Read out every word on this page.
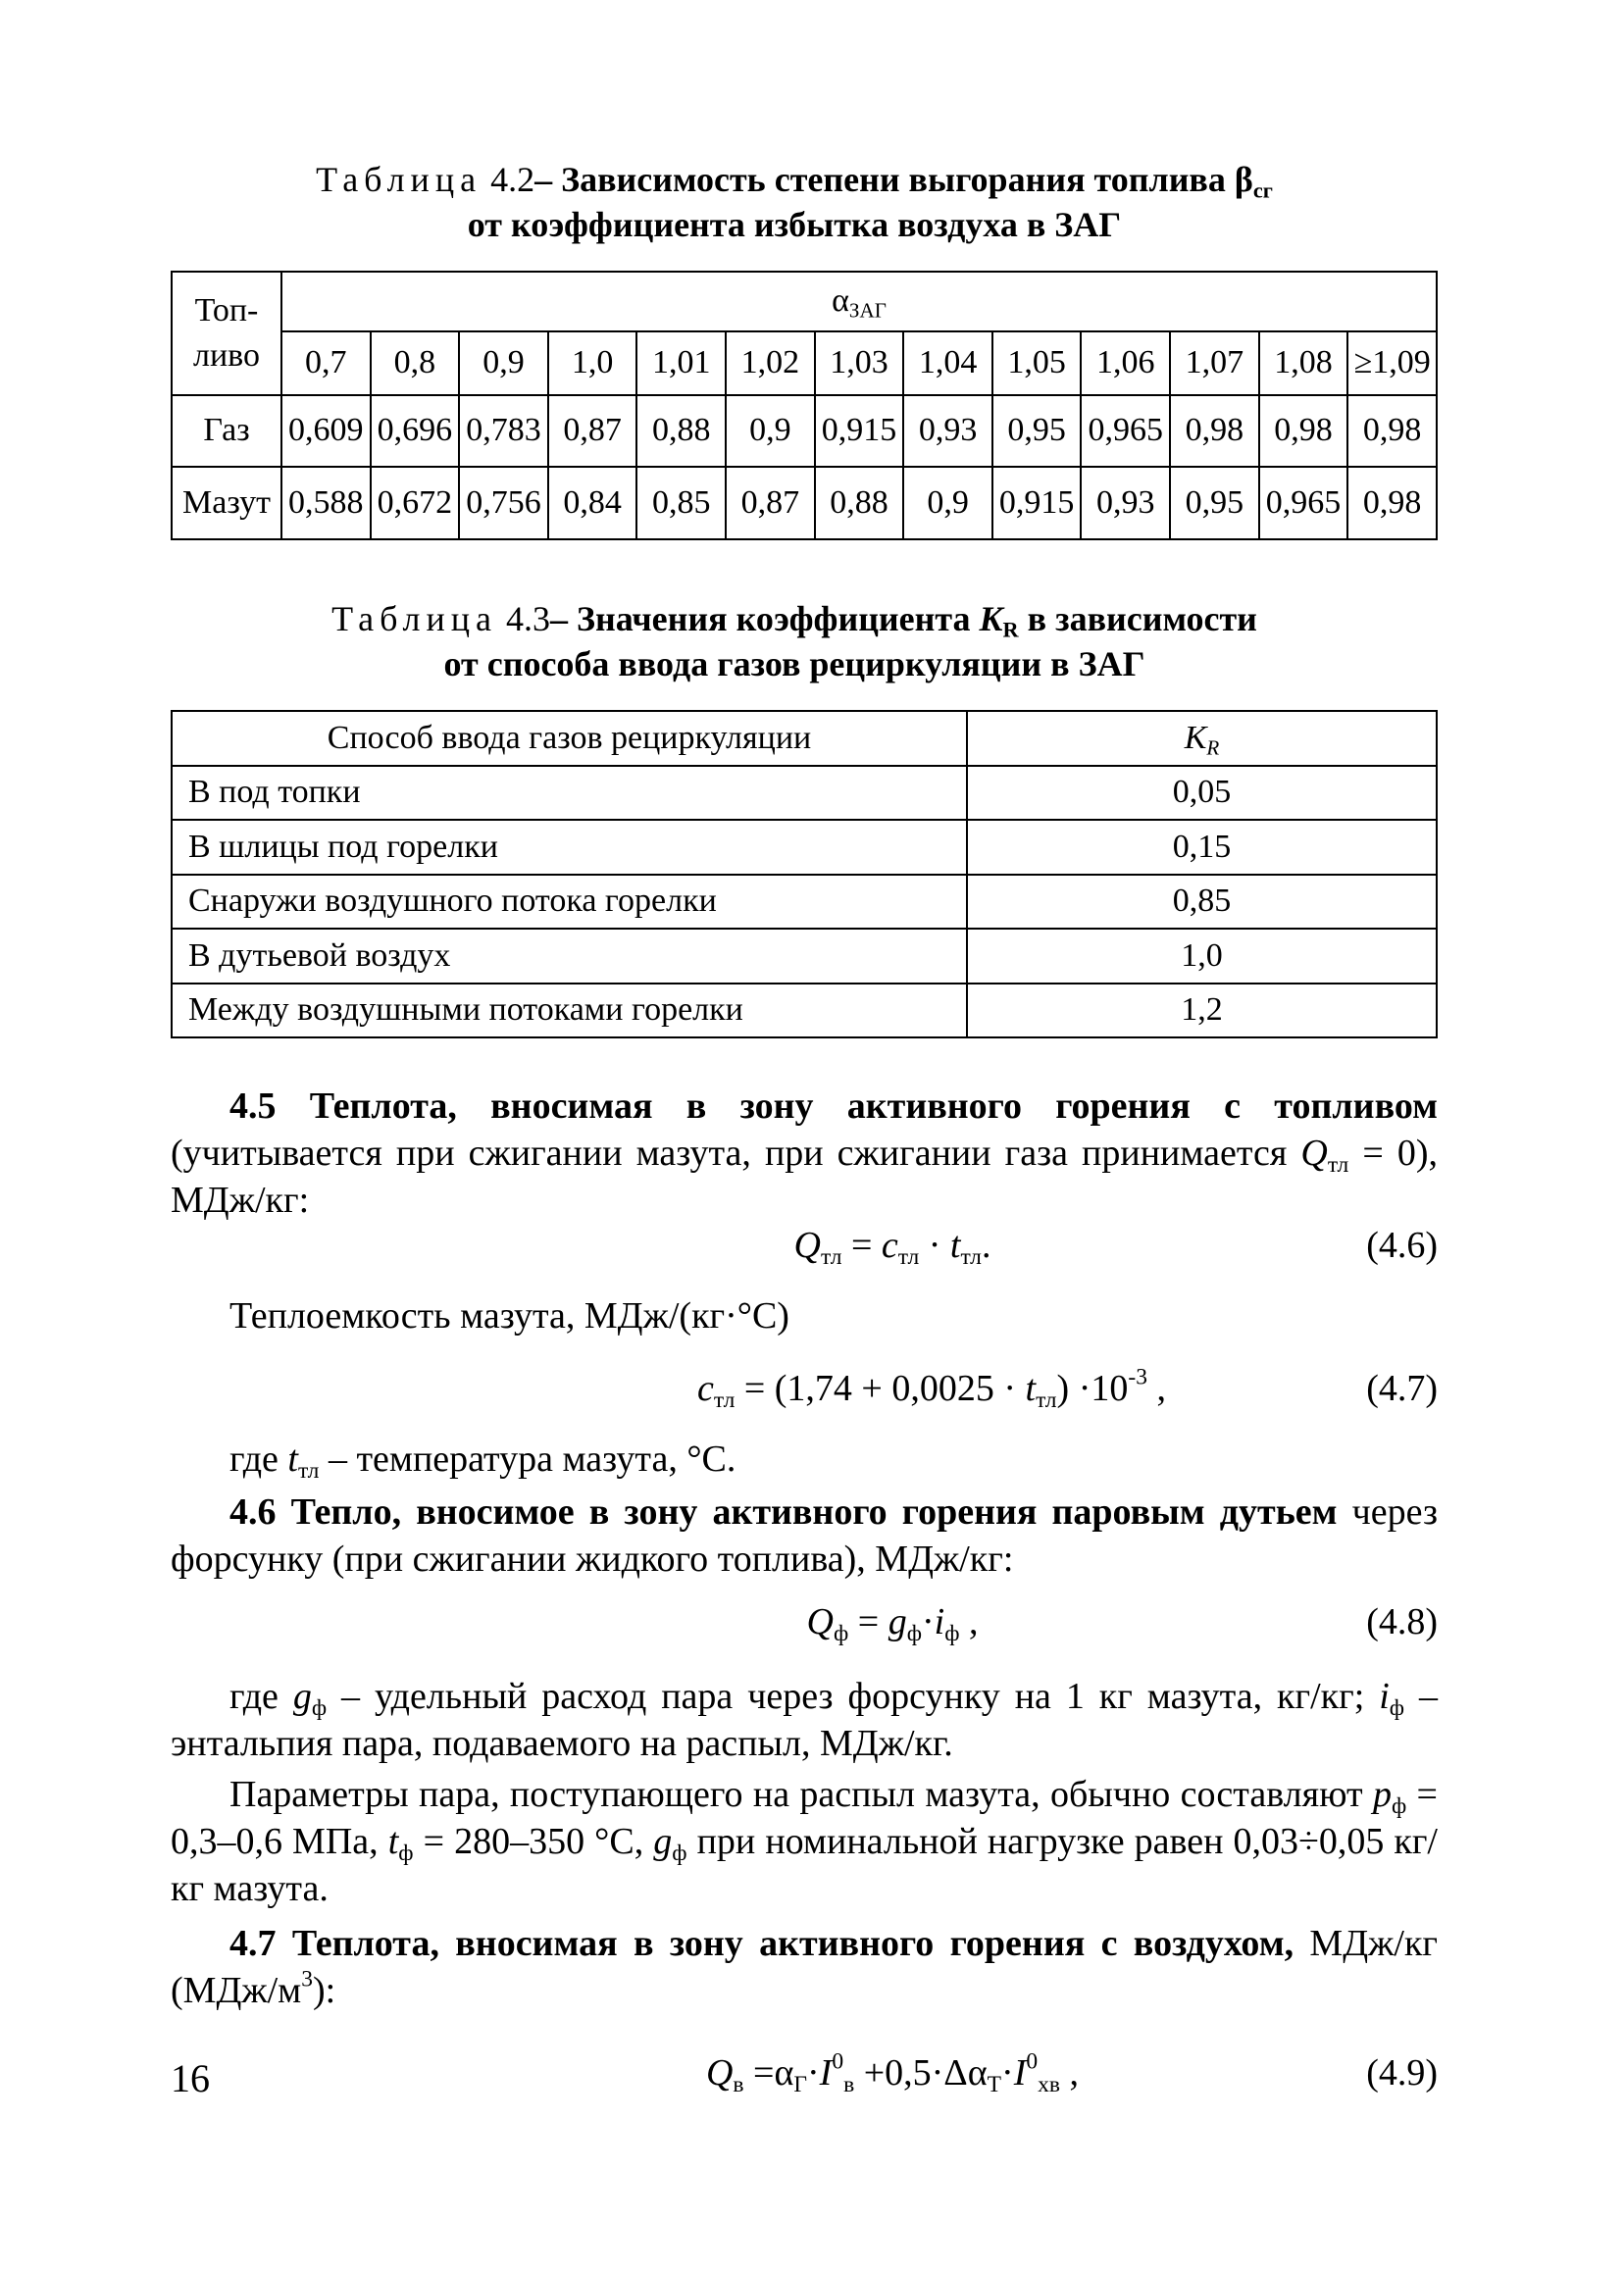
Таблица 4.2– Зависимость степени выгорания топлива $\beta_{сг}$
от коэффициента избытка воздуха в ЗАГ
Топ-
ливо	$\alpha_{ЗАГ}$
	0,7	0,8	0,9	1,0	1,01	1,02	1,03	1,04	1,05	1,06	1,07	1,08	≥1,09
Газ	0,609	0,696	0,783	0,87	0,88	0,9	0,915	0,93	0,95	0,965	0,98	0,98	0,98
Мазут	0,588	0,672	0,756	0,84	0,85	0,87	0,88	0,9	0,915	0,93	0,95	0,965	0,98
Таблица 4.3– Значения коэффициента $K_R$ в зависимости
от способа ввода газов рециркуляции в ЗАГ
Способ ввода газов рециркуляции	$K_R$
В под топки	0,05
В шлицы под горелки	0,15
Снаружи воздушного потока горелки	0,85
В дутьевой воздух	1,0
Между воздушными потоками горелки	1,2
4.5 Теплота, вносимая в зону активного горения с топливом (учитывается при сжигании мазута, при сжигании газа принимается $Q_{тл} = 0$), МДж/кг:
$Q_{тл} = c_{тл} \cdot t_{тл}$.	(4.6)
Теплоемкость мазута, МДж/(кг·°С)
$c_{тл} = (1,74 + 0,0025 \cdot t_{тл}) \cdot 10^{-3}$ ,	(4.7)
где $t_{тл}$ – температура мазута, °С.
4.6 Тепло, вносимое в зону активного горения паровым дутьем через форсунку (при сжигании жидкого топлива), МДж/кг:
$Q_ф = g_ф\cdot i_ф$ ,	(4.8)
где $g_ф$ – удельный расход пара через форсунку на 1 кг мазута, кг/кг; $i_ф$ – энтальпия пара, подаваемого на распыл, МДж/кг.
Параметры пара, поступающего на распыл мазута, обычно составляют $p_ф = 0,3-0,6$ МПа, $t_ф = 280-350$ °С, $g_ф$ при номинальной нагрузке равен 0,03÷0,05 кг/кг мазута.
4.7 Теплота, вносимая в зону активного горения с воздухом, МДж/кг $(МДж/м^3)$:
$Q_в =\alpha_Г\cdot I^0_в +0,5\cdot\Delta\alpha_Т\cdot I^0_{хв}$ ,	(4.9)
16
